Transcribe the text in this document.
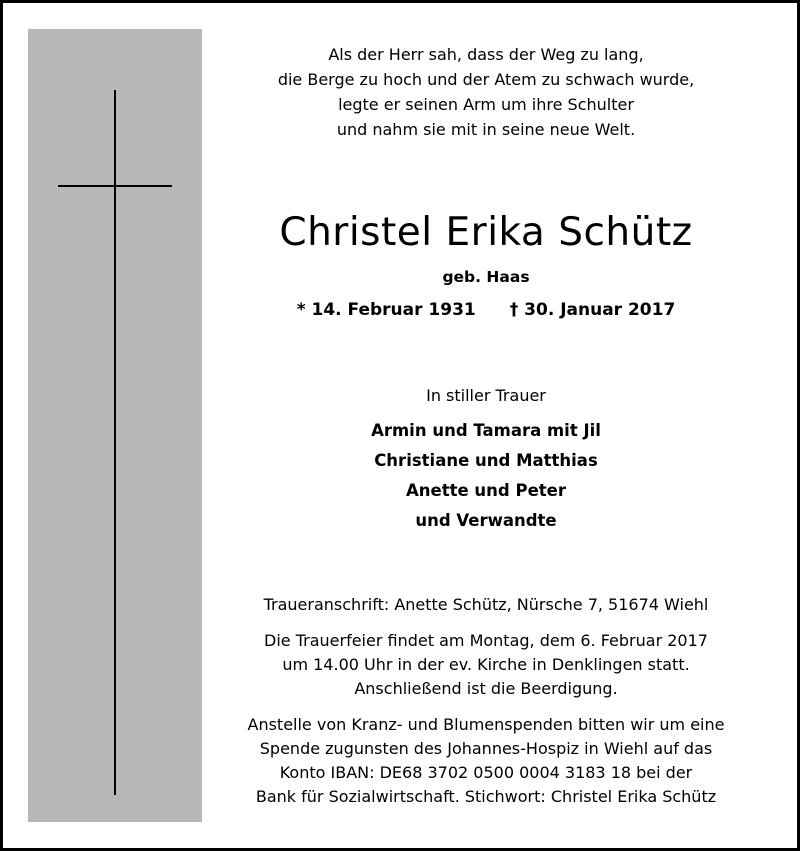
Als der Herr sah, dass der Weg zu lang,
die Berge zu hoch und der Atem zu schwach wurde,
legte er seinen Arm um ihre Schulter
und nahm sie mit in seine neue Welt.
Christel Erika Schütz
geb. Haas
* 14. Februar 1931 † 30. Januar 2017
In stiller Trauer
Armin und Tamara mit Jil
Christiane und Matthias
Anette und Peter
und Verwandte
Traueranschrift: Anette Schütz, Nürsche 7, 51674 Wiehl
Die Trauerfeier findet am Montag, dem 6. Februar 2017
um 14.00 Uhr in der ev. Kirche in Denklingen statt.
Anschließend ist die Beerdigung.
Anstelle von Kranz- und Blumenspenden bitten wir um eine
Spende zugunsten des Johannes-Hospiz in Wiehl auf das
Konto IBAN: DE68 3702 0500 0004 3183 18 bei der
Bank für Sozialwirtschaft. Stichwort: Christel Erika Schütz
